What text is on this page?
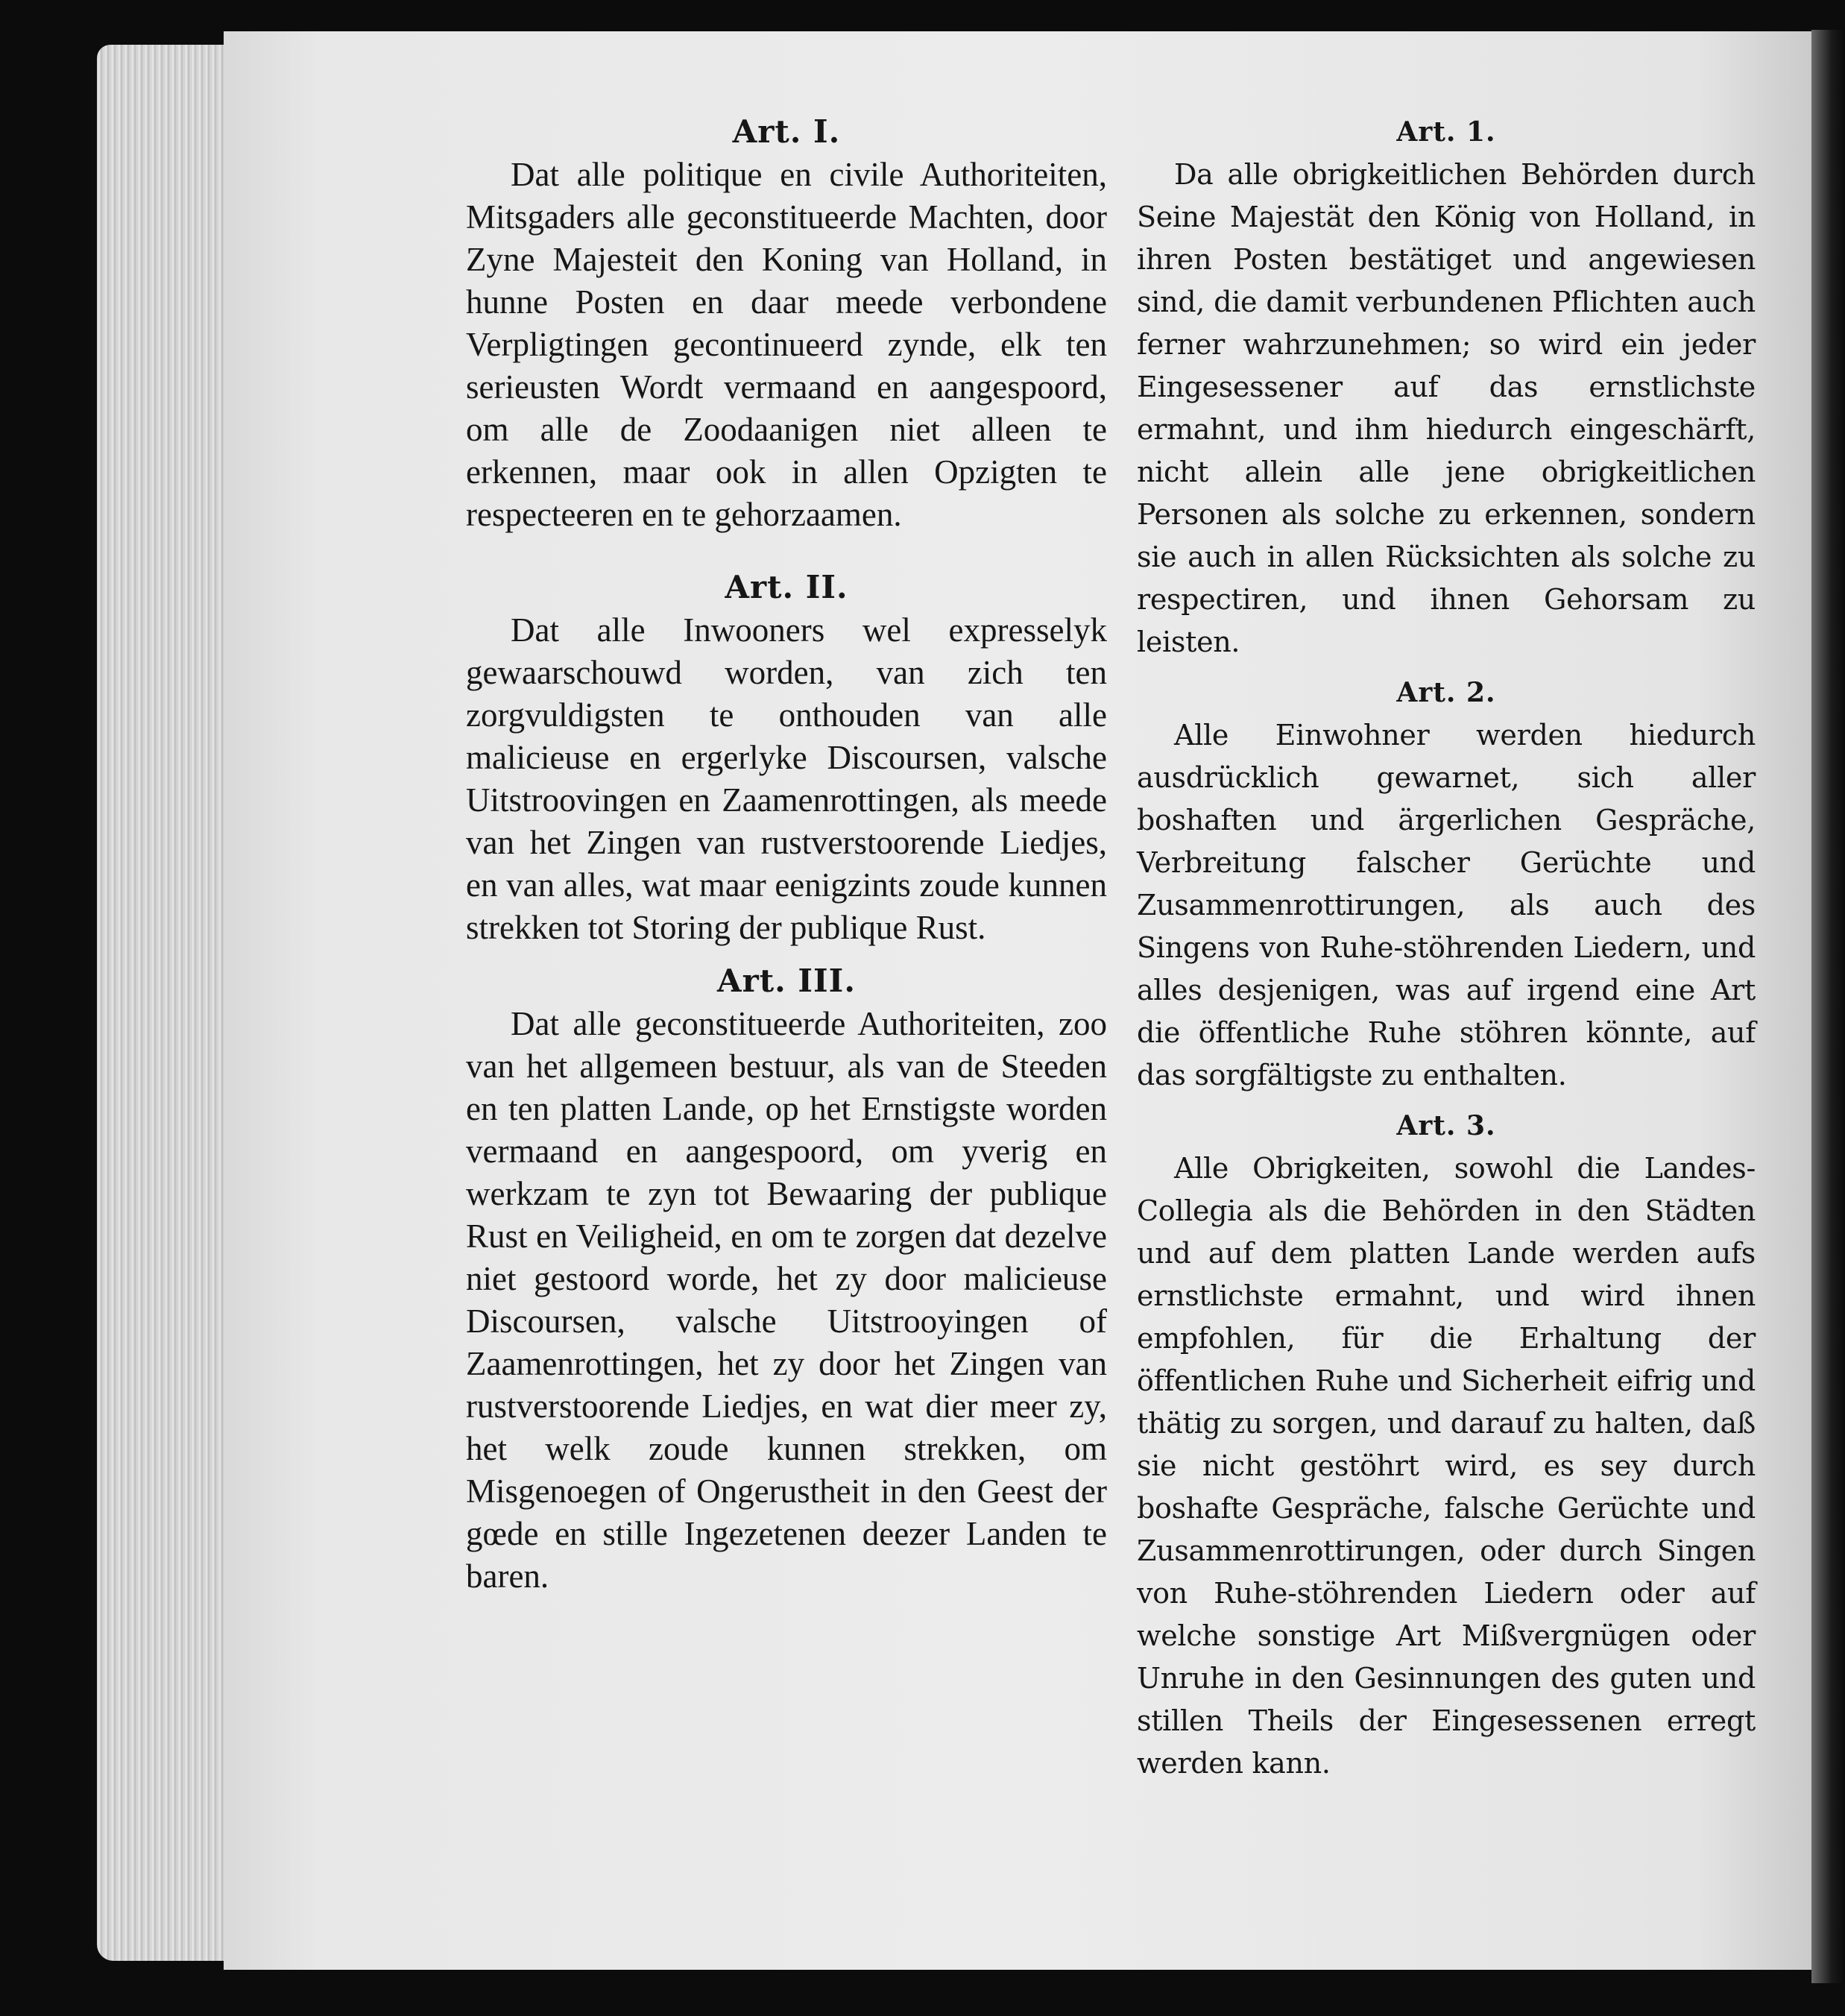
Art. I.

Dat alle politique en civile Authoriteiten, Mitsgaders alle geconstitueerde Machten, door Zyne Majesteit den Koning van Holland, in hunne Posten en daar meede verbondene Verpligtingen gecontinueerd zynde, elk ten serieusten Wordt vermaand en aangespoord, om alle de Zoodaanigen niet alleen te erkennen, maar ook in allen Opzigten te respecteeren en te gehorzaamen.

Art. II.

Dat alle Inwooners wel expresselyk gewaarschouwd worden, van zich ten zorgvuldigsten te onthouden van alle malicieuse en ergerlyke Discoursen, valsche Uitstroovingen en Zaamenrottingen, als meede van het Zingen van rustverstoorende Liedjes, en van alles, wat maar eenigzints zoude kunnen strekken tot Storing der publique Rust.

Art. III.

Dat alle geconstitueerde Authoriteiten, zoo van het allgemeen bestuur, als van de Steeden en ten platten Lande, op het Ernstigste worden vermaand en aangespoord, om yverig en werkzam te zyn tot Bewaaring der publique Rust en Veiligheid, en om te zorgen dat dezelve niet gestoord worde, het zy door malicieuse Discoursen, valsche Uitstrooyingen of Zaamenrottingen, het zy door het Zingen van rustverstoorende Liedjes, en wat dier meer zy, het welk zoude kunnen strekken, om Misgenoegen of Ongerustheit in den Geest der gœde en stille Ingezetenen deezer Landen te baren.

Art. 1.

Da alle obrigkeitlichen Behörden durch Seine Majestät den König von Holland, in ihren Posten bestätiget und angewiesen sind, die damit verbundenen Pflichten auch ferner wahrzunehmen; so wird ein jeder Eingesessener auf das ernstlichste ermahnt, und ihm hiedurch eingeschärft, nicht allein alle jene obrigkeitlichen Personen als solche zu erkennen, sondern sie auch in allen Rücksichten als solche zu respectiren, und ihnen Gehorsam zu leisten.

Art. 2.

Alle Einwohner werden hiedurch ausdrücklich gewarnet, sich aller boshaften und ärgerlichen Gespräche, Verbreitung falscher Gerüchte und Zusammenrottirungen, als auch des Singens von Ruhe-stöhrenden Liedern, und alles desjenigen, was auf irgend eine Art die öffentliche Ruhe stöhren könnte, auf das sorgfältigste zu enthalten.

Art. 3.

Alle Obrigkeiten, sowohl die Landes-Collegia als die Behörden in den Städten und auf dem platten Lande werden aufs ernstlichste ermahnt, und wird ihnen empfohlen, für die Erhaltung der öffentlichen Ruhe und Sicherheit eifrig und thätig zu sorgen, und darauf zu halten, daß sie nicht gestöhrt wird, es sey durch boshafte Gespräche, falsche Gerüchte und Zusammenrottirungen, oder durch Singen von Ruhe-stöhrenden Liedern oder auf welche sonstige Art Mißvergnügen oder Unruhe in den Gesinnungen des guten und stillen Theils der Eingesessenen erregt werden kann.
